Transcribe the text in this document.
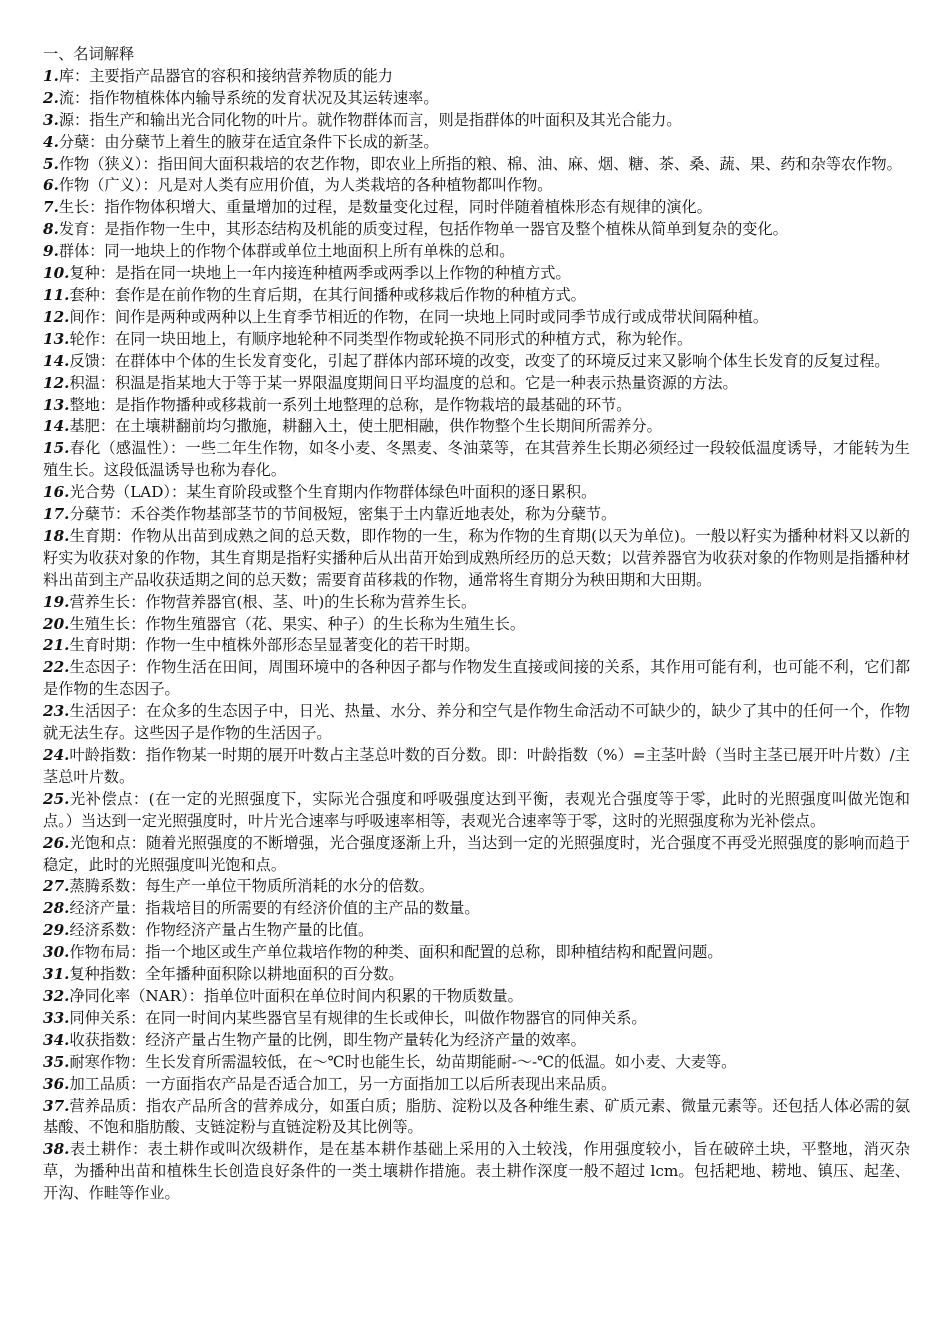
一、名词解释

1.库：主要指产品器官的容积和接纳营养物质的能力

2.流：指作物植株体内输导系统的发育状况及其运转速率。

3.源：指生产和输出光合同化物的叶片。就作物群体而言，则是指群体的叶面积及其光合能力。

4.分蘖：由分蘖节上着生的腋芽在适宜条件下长成的新茎。

5.作物（狭义）：指田间大面积栽培的农艺作物，即农业上所指的粮、棉、油、麻、烟、糖、茶、桑、蔬、果、药和杂等农作物。

6.作物（广义）：凡是对人类有应用价值，为人类栽培的各种植物都叫作物。

7.生长：指作物体积增大、重量增加的过程，是数量变化过程，同时伴随着植株形态有规律的演化。

8.发育：是指作物一生中，其形态结构及机能的质变过程，包括作物单一器官及整个植株从简单到复杂的变化。

9.群体：同一地块上的作物个体群或单位土地面积上所有单株的总和。

10.复种：是指在同一块地上一年内接连种植两季或两季以上作物的种植方式。

11.套种：套作是在前作物的生育后期，在其行间播种或移栽后作物的种植方式。

12.间作：间作是两种或两种以上生育季节相近的作物，在同一块地上同时或同季节成行或成带状间隔种植。

13.轮作：在同一块田地上，有顺序地轮种不同类型作物或轮换不同形式的种植方式，称为轮作。

14.反馈：在群体中个体的生长发育变化，引起了群体内部环境的改变，改变了的环境反过来又影响个体生长发育的反复过程。

12.积温：积温是指某地大于等于某一界限温度期间日平均温度的总和。它是一种表示热量资源的方法。

13.整地：是指作物播种或移栽前一系列土地整理的总称，是作物栽培的最基础的环节。

14.基肥：在土壤耕翻前均匀撒施，耕翻入土，使土肥相融，供作物整个生长期间所需养分。

15.春化（感温性）：一些二年生作物，如冬小麦、冬黑麦、冬油菜等，在其营养生长期必须经过一段较低温度诱导，才能转为生殖生长。这段低温诱导也称为春化。

16.光合势（LAD）：某生育阶段或整个生育期内作物群体绿色叶面积的逐日累积。

17.分蘖节：禾谷类作物基部茎节的节间极短，密集于土内靠近地表处，称为分蘖节。

18.生育期：作物从出苗到成熟之间的总天数，即作物的一生，称为作物的生育期(以天为单位)。一般以籽实为播种材料又以新的籽实为收获对象的作物，其生育期是指籽实播种后从出苗开始到成熟所经历的总天数；以营养器官为收获对象的作物则是指播种材料出苗到主产品收获适期之间的总天数；需要育苗移栽的作物，通常将生育期分为秧田期和大田期。

19.营养生长：作物营养器官(根、茎、叶)的生长称为营养生长。

20.生殖生长：作物生殖器官（花、果实、种子）的生长称为生殖生长。

21.生育时期：作物一生中植株外部形态呈显著变化的若干时期。

22.生态因子：作物生活在田间，周围环境中的各种因子都与作物发生直接或间接的关系，其作用可能有利，也可能不利，它们都是作物的生态因子。

23.生活因子：在众多的生态因子中，日光、热量、水分、养分和空气是作物生命活动不可缺少的，缺少了其中的任何一个，作物就无法生存。这些因子是作物的生活因子。

24.叶龄指数：指作物某一时期的展开叶数占主茎总叶数的百分数。即：叶龄指数（%）=主茎叶龄（当时主茎已展开叶片数）/主茎总叶片数。

25.光补偿点：(在一定的光照强度下，实际光合强度和呼吸强度达到平衡，表观光合强度等于零，此时的光照强度叫做光饱和点。）当达到一定光照强度时，叶片光合速率与呼吸速率相等，表观光合速率等于零，这时的光照强度称为光补偿点。

26.光饱和点：随着光照强度的不断增强，光合强度逐渐上升，当达到一定的光照强度时，光合强度不再受光照强度的影响而趋于稳定，此时的光照强度叫光饱和点。

27.蒸腾系数：每生产一单位干物质所消耗的水分的倍数。

28.经济产量：指栽培目的所需要的有经济价值的主产品的数量。

29.经济系数：作物经济产量占生物产量的比值。

30.作物布局：指一个地区或生产单位栽培作物的种类、面积和配置的总称，即种植结构和配置问题。

31.复种指数：全年播种面积除以耕地面积的百分数。

32.净同化率（NAR）：指单位叶面积在单位时间内积累的干物质数量。

33.同伸关系：在同一时间内某些器官呈有规律的生长或伸长，叫做作物器官的同伸关系。

34.收获指数：经济产量占生物产量的比例，即生物产量转化为经济产量的效率。

35.耐寒作物：生长发育所需温较低，在～℃时也能生长，幼苗期能耐-～-℃的低温。如小麦、大麦等。

36.加工品质：一方面指农产品是否适合加工，另一方面指加工以后所表现出来品质。

37.营养品质：指农产品所含的营养成分，如蛋白质；脂肪、淀粉以及各种维生素、矿质元素、微量元素等。还包括人体必需的氨基酸、不饱和脂肪酸、支链淀粉与直链淀粉及其比例等。

38.表土耕作：表土耕作或叫次级耕作，是在基本耕作基础上采用的入土较浅，作用强度较小，旨在破碎土块，平整地，消灭杂草，为播种出苗和植株生长创造良好条件的一类土壤耕作措施。表土耕作深度一般不超过 lcm。包括耙地、耢地、镇压、起垄、开沟、作畦等作业。
